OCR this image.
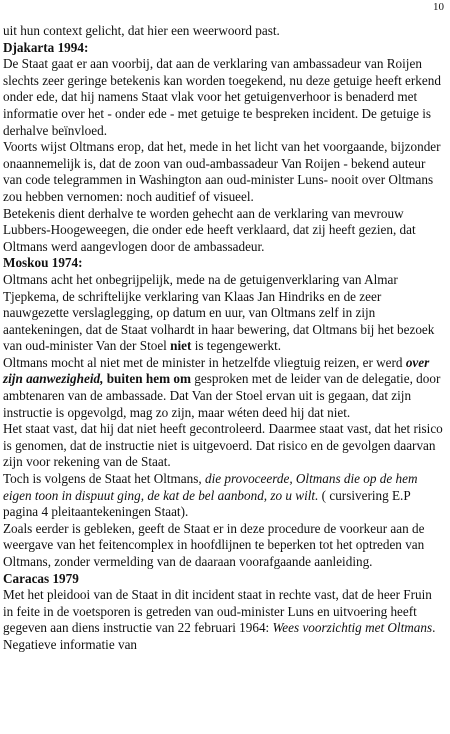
10

uit hun context gelicht, dat hier een weerwoord past.

Djakarta 1994:

De Staat gaat er aan voorbij, dat aan de verklaring van ambassadeur van Roijen slechts zeer geringe betekenis kan worden toegekend, nu deze getuige heeft erkend onder ede, dat hij namens Staat vlak voor het getuigenverhoor is benaderd met informatie over het - onder ede - met getuige te bespreken incident. De getuige is derhalve beïnvloed.

Voorts wijst Oltmans erop, dat het, mede in het licht van het voorgaande, bijzonder onaannemelijk is, dat de zoon van oud-ambassadeur Van Roijen - bekend auteur van code telegrammen in Washington aan oud-minister Luns- nooit over Oltmans zou hebben vernomen: noch auditief of visueel.

Betekenis dient derhalve te worden gehecht aan de verklaring van mevrouw Lubbers-Hoogeweegen, die onder ede heeft verklaard, dat zij heeft gezien, dat Oltmans werd aangevlogen door de ambassadeur.

Moskou 1974:

Oltmans acht het onbegrijpelijk, mede na de getuigenverklaring van Almar Tjepkema, de schriftelijke verklaring van Klaas Jan Hindriks en de zeer nauwgezette verslaglegging, op datum en uur, van Oltmans zelf in zijn aantekeningen, dat de Staat volhardt in haar bewering, dat Oltmans bij het bezoek van oud-minister Van der Stoel niet is tegengewerkt.

Oltmans mocht al niet met de minister in hetzelfde vliegtuig reizen, er werd over zijn aanwezigheid, buiten hem om gesproken met de leider van de delegatie, door ambtenaren van de ambassade. Dat Van der Stoel ervan uit is gegaan, dat zijn instructie is opgevolgd, mag zo zijn, maar wéten deed hij dat niet.

Het staat vast, dat hij dat niet heeft gecontroleerd. Daarmee staat vast, dat het risico is genomen, dat de instructie niet is uitgevoerd. Dat risico en de gevolgen daarvan zijn voor rekening van de Staat.

Toch is volgens de Staat het Oltmans, die provoceerde, Oltmans die op de hem eigen toon in dispuut ging, de kat de bel aanbond, zo u wilt. ( cursivering E.P pagina 4 pleitaantekeningen Staat).

Zoals eerder is gebleken, geeft de Staat er in deze procedure de voorkeur aan de weergave van het feitencomplex in hoofdlijnen te beperken tot het optreden van Oltmans, zonder vermelding van de daaraan voorafgaande aanleiding.

Caracas 1979

Met het pleidooi van de Staat in dit incident staat in rechte vast, dat de heer Fruin in feite in de voetsporen is getreden van oud-minister Luns en uitvoering heeft gegeven aan diens instructie van 22 februari 1964: Wees voorzichtig met Oltmans. Negatieve informatie van
